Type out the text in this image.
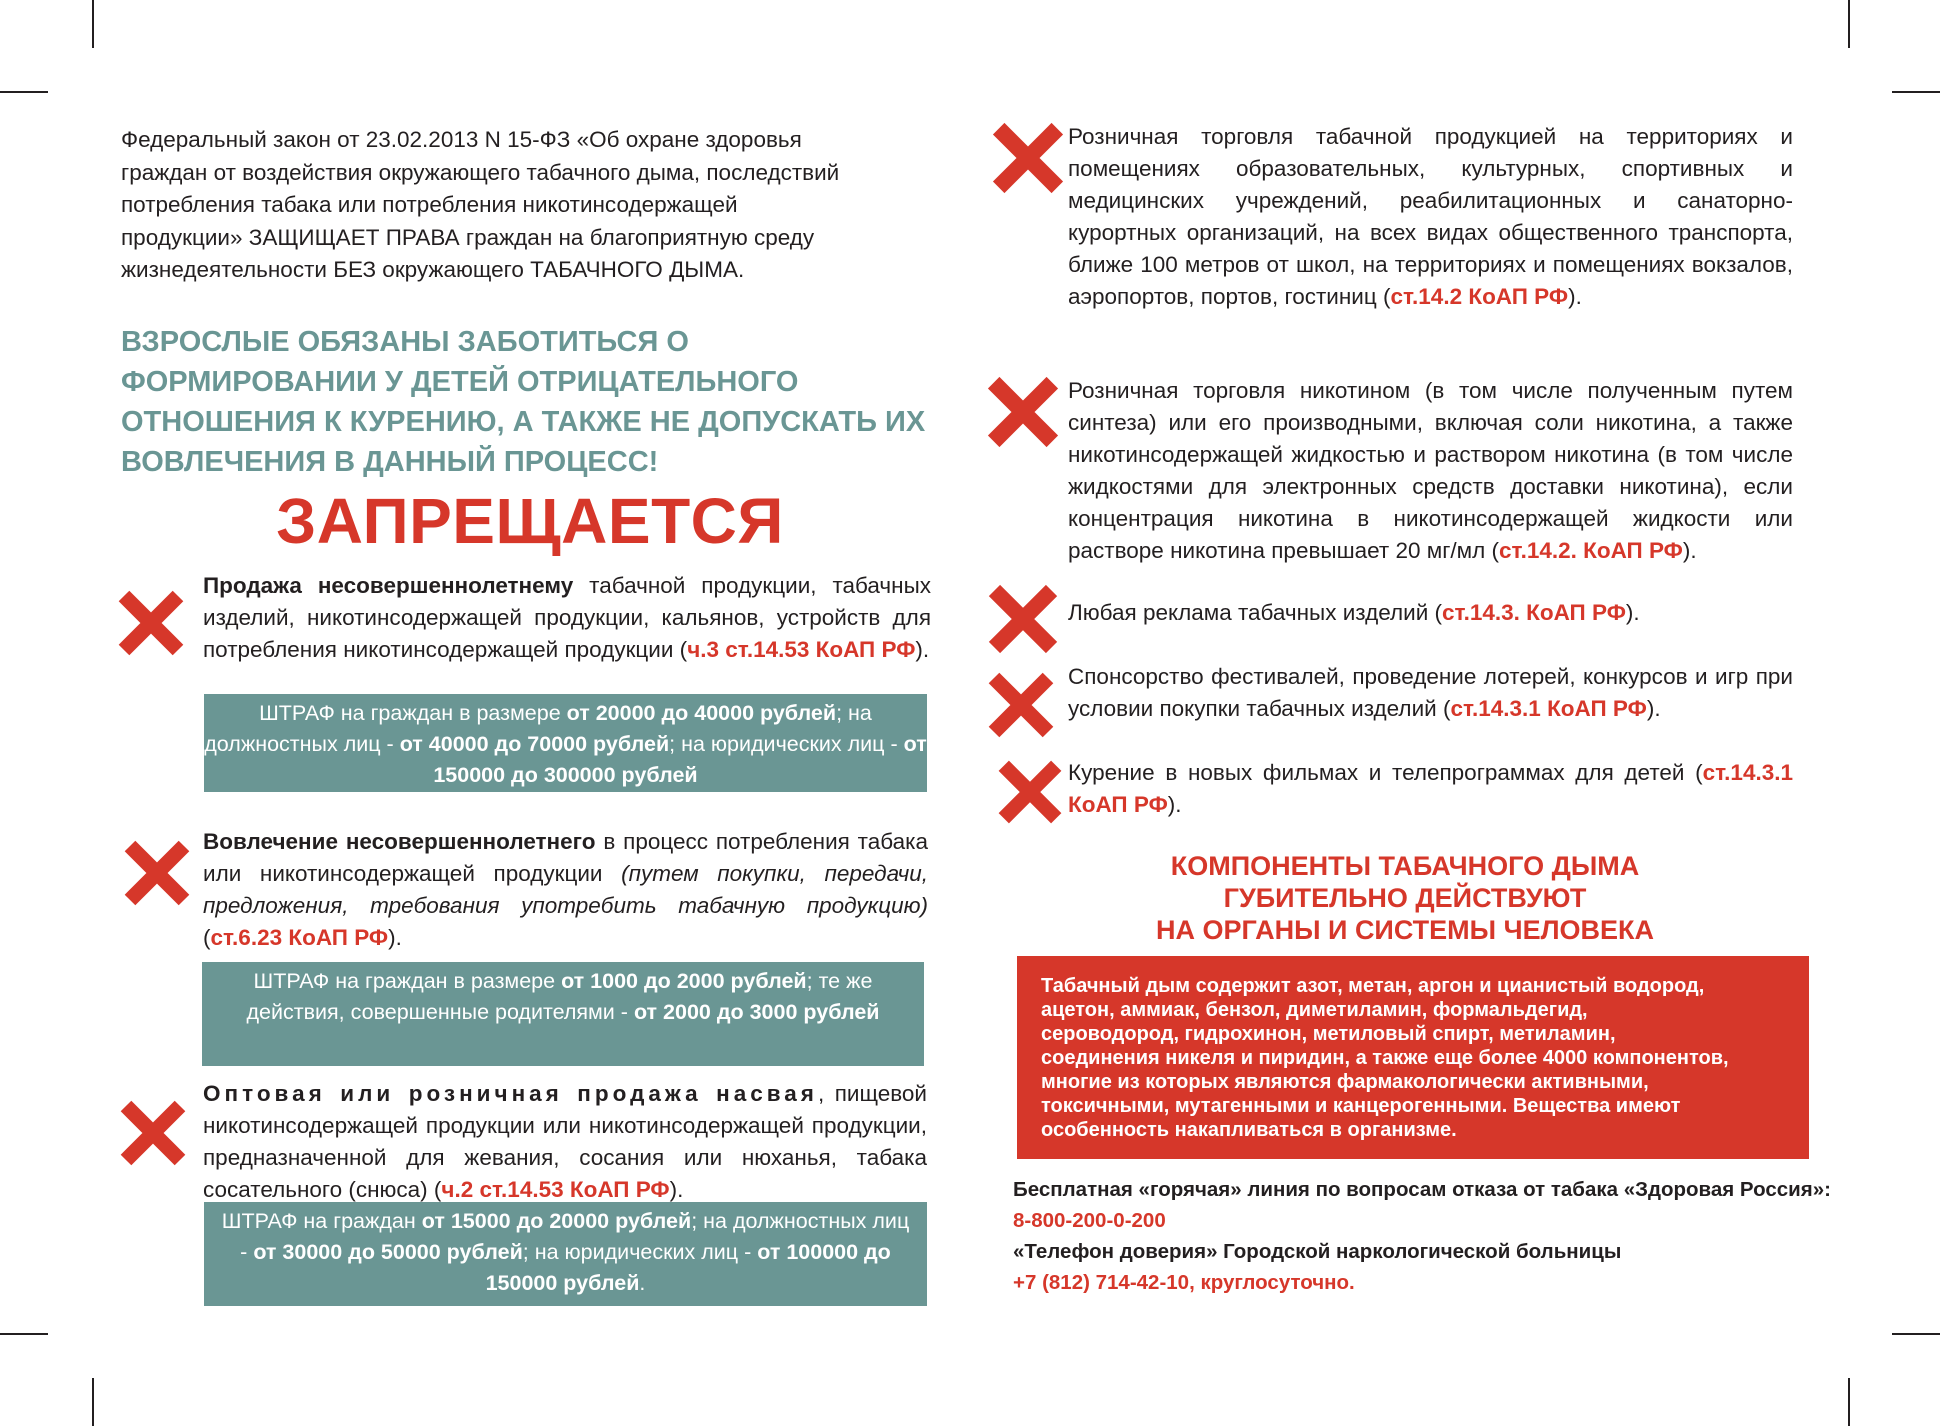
Федеральный закон от 23.02.2013 N 15-ФЗ «Об охране здоровья граждан от воздействия окружающего табачного дыма, последствий потребления табака или потребления никотинсодержащей продукции» ЗАЩИЩАЕТ ПРАВА граждан на благоприятную среду жизнедеятельности БЕЗ окружающего ТАБАЧНОГО ДЫМА.
ВЗРОСЛЫЕ ОБЯЗАНЫ ЗАБОТИТЬСЯ О ФОРМИРОВАНИИ У ДЕТЕЙ ОТРИЦАТЕЛЬНОГО ОТНОШЕНИЯ К КУРЕНИЮ, А ТАКЖЕ НЕ ДОПУСКАТЬ ИХ ВОВЛЕЧЕНИЯ В ДАННЫЙ ПРОЦЕСС!
ЗАПРЕЩАЕТСЯ
Продажа несовершеннолетнему табачной продукции, табачных изделий, никотинсодержащей продукции, кальянов, устройств для потребления никотинсодержащей продукции (ч.3 ст.14.53 КоАП РФ).
ШТРАФ на граждан в размере от 20000 до 40000 рублей; на должностных лиц - от 40000 до 70000 рублей; на юридических лиц - от 150000 до 300000 рублей
Вовлечение несовершеннолетнего в процесс потребления табака или никотинсодержащей продукции (путем покупки, передачи, предложения, требования употребить табачную продукцию) (ст.6.23 КоАП РФ).
ШТРАФ на граждан в размере от 1000 до 2000 рублей; те же действия, совершенные родителями - от 2000 до 3000 рублей
Оптовая или розничная продажа насвая, пищевой никотинсодержащей продукции или никотинсодержащей продукции, предназначенной для жевания, сосания или нюханья, табака сосательного (снюса) (ч.2 ст.14.53 КоАП РФ).
ШТРАФ на граждан от 15000 до 20000 рублей; на должностных лиц - от 30000 до 50000 рублей; на юридических лиц - от 100000 до 150000 рублей.
Розничная торговля табачной продукцией на территориях и помещениях образовательных, культурных, спортивных и медицинских учреждений, реабилитационных и санаторно-курортных организаций, на всех видах общественного транспорта, ближе 100 метров от школ, на территориях и помещениях вокзалов, аэропортов, портов, гостиниц (ст.14.2 КоАП РФ).
Розничная торговля никотином (в том числе полученным путем синтеза) или его производными, включая соли никотина, а также никотинсодержащей жидкостью и раствором никотина (в том числе жидкостями для электронных средств доставки никотина), если концентрация никотина в никотинсодержащей жидкости или растворе никотина превышает 20 мг/мл (ст.14.2. КоАП РФ).
Любая реклама табачных изделий (ст.14.3. КоАП РФ).
Спонсорство фестивалей, проведение лотерей, конкурсов и игр при условии покупки табачных изделий (ст.14.3.1 КоАП РФ).
Курение в новых фильмах и телепрограммах для детей (ст.14.3.1 КоАП РФ).
КОМПОНЕНТЫ ТАБАЧНОГО ДЫМА
ГУБИТЕЛЬНО ДЕЙСТВУЮТ
НА ОРГАНЫ И СИСТЕМЫ ЧЕЛОВЕКА
Табачный дым содержит азот, метан, аргон и цианистый водород,
ацетон, аммиак, бензол, диметиламин, формальдегид,
сероводород, гидрохинон, метиловый спирт, метиламин,
соединения никеля и пиридин, а также еще более 4000 компонентов,
многие из которых являются фармакологически активными,
токсичными, мутагенными и канцерогенными. Вещества имеют
особенность накапливаться в организме.
Бесплатная «горячая» линия по вопросам отказа от табака «Здоровая Россия»: 8-800-200-0-200
«Телефон доверия» Городской наркологической больницы
+7 (812) 714-42-10, круглосуточно.
